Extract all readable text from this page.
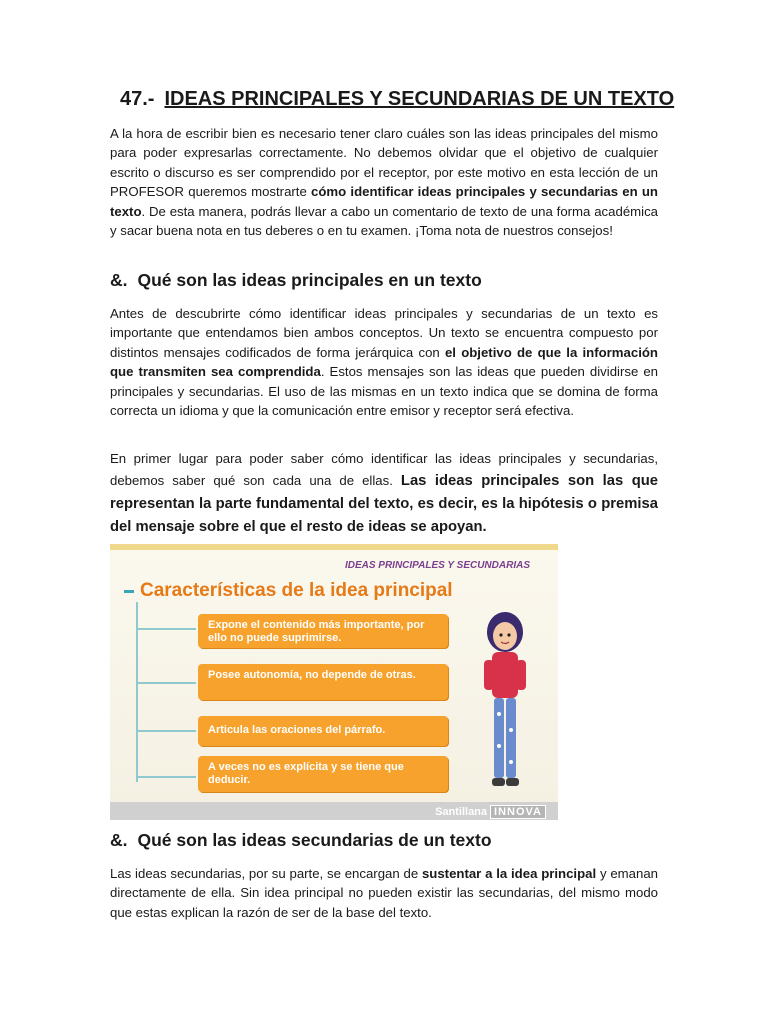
47.- IDEAS PRINCIPALES Y SECUNDARIAS DE UN TEXTO

A la hora de escribir bien es necesario tener claro cuáles son las ideas principales del mismo para poder expresarlas correctamente. No debemos olvidar que el objetivo de cualquier escrito o discurso es ser comprendido por el receptor, por este motivo en esta lección de un PROFESOR queremos mostrarte cómo identificar ideas principales y secundarias en un texto. De esta manera, podrás llevar a cabo un comentario de texto de una forma académica y sacar buena nota en tus deberes o en tu examen. ¡Toma nota de nuestros consejos!

&. Qué son las ideas principales en un texto

Antes de descubrirte cómo identificar ideas principales y secundarias de un texto es importante que entendamos bien ambos conceptos. Un texto se encuentra compuesto por distintos mensajes codificados de forma jerárquica con el objetivo de que la información que transmiten sea comprendida. Estos mensajes son las ideas que pueden dividirse en principales y secundarias. El uso de las mismas en un texto indica que se domina de forma correcta un idioma y que la comunicación entre emisor y receptor será efectiva.

En primer lugar para poder saber cómo identificar las ideas principales y secundarias, debemos saber qué son cada una de ellas. Las ideas principales son las que representan la parte fundamental del texto, es decir, es la hipótesis o premisa del mensaje sobre el que el resto de ideas se apoyan.

&. Qué son las ideas secundarias de un texto

Las ideas secundarias, por su parte, se encargan de sustentar a la idea principal y emanan directamente de ella. Sin idea principal no pueden existir las secundarias, del mismo modo que estas explican la razón de ser de la base del texto.

IDEAS PRINCIPALES Y SECUNDARIAS
Características de la idea principal
Expone el contenido más importante, por ello no puede suprimirse.
Posee autonomía, no depende de otras.
Articula las oraciones del párrafo.
A veces no es explícita y se tiene que deducir.
Santillana INNOVA
